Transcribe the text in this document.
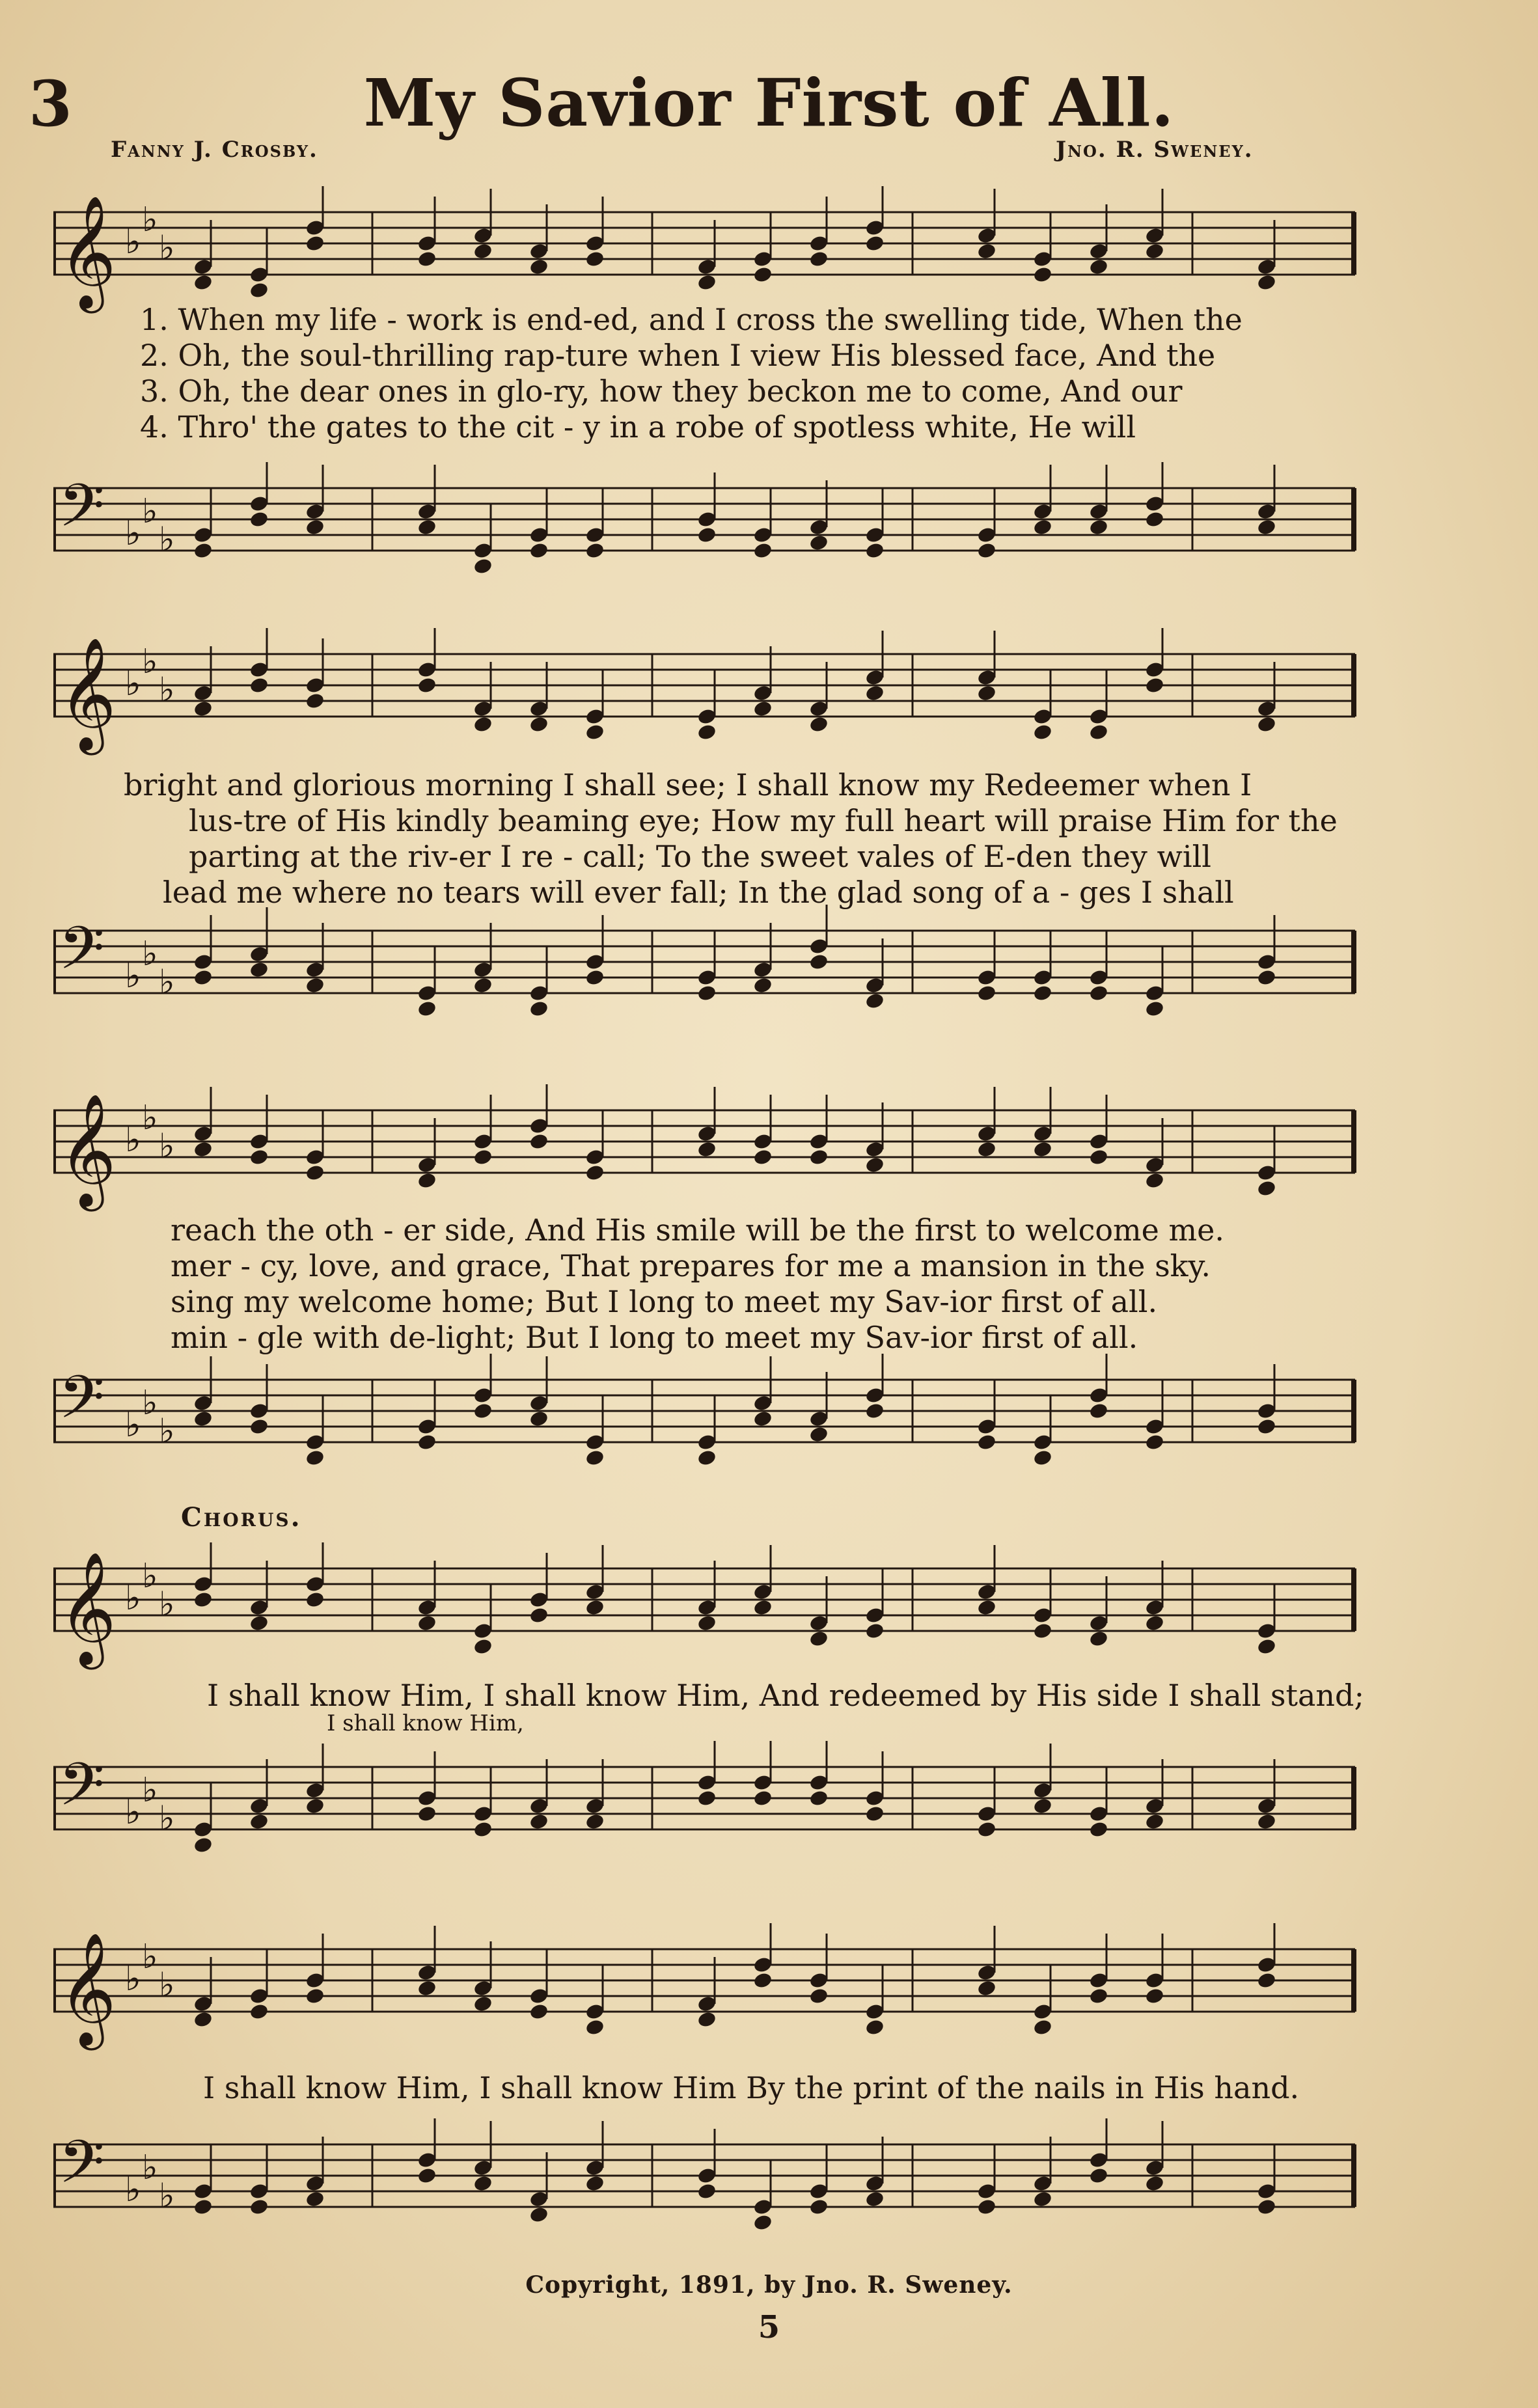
3	My Savior First of All.
Fanny J. Crosby.	Jno. R. Sweney.
𝄞 ♭
♭
♭
𝄢 ♭
♭
♭
1. When my life - work is end-ed, and I cross the swelling tide, When the
2. Oh, the soul-thrilling rap-ture when I view His blessed face, And the
3. Oh, the dear ones in glo-ry, how they beckon me to come, And our
4. Thro' the gates to the cit - y in a robe of spotless white, He will
𝄞 ♭
♭
♭
𝄢 ♭
♭
♭
bright and glorious morning I shall see; I shall know my Redeemer when I
lus-tre of His kindly beaming eye; How my full heart will praise Him for the
parting at the riv-er I re - call; To the sweet vales of E-den they will
lead me where no tears will ever fall; In the glad song of a - ges I shall
𝄞 ♭
♭
♭
𝄢 ♭
♭
♭
reach the oth - er side, And His smile will be the first to welcome me.
mer - cy, love, and grace, That prepares for me a mansion in the sky.
sing my welcome home; But I long to meet my Sav-ior first of all.
min - gle with de-light; But I long to meet my Sav-ior first of all.
Chorus.
𝄞 ♭
♭
♭
𝄢 ♭
♭
♭
I shall know Him, I shall know Him, And redeemed by His side I shall stand;
I shall know Him,
𝄞 ♭
♭
♭
𝄢 ♭
♭
♭
I shall know Him, I shall know Him By the print of the nails in His hand.
Copyright, 1891, by Jno. R. Sweney.
5
